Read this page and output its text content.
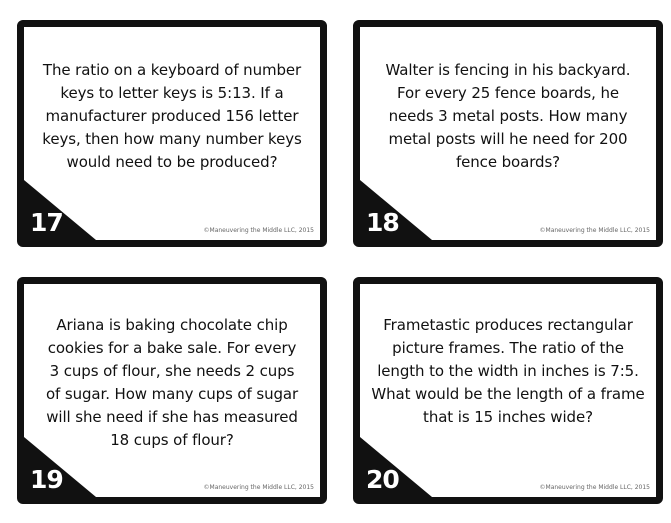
The ratio on a keyboard of number
keys to letter keys is 5:13. If a
manufacturer produced 156 letter
keys, then how many number keys
would need to be produced?
17	©Maneuvering the Middle LLC, 2015
Walter is fencing in his backyard.
For every 25 fence boards, he
needs 3 metal posts. How many
metal posts will he need for 200
fence boards?
18	©Maneuvering the Middle LLC, 2015
Ariana is baking chocolate chip
cookies for a bake sale. For every
3 cups of flour, she needs 2 cups
of sugar. How many cups of sugar
will she need if she has measured
18 cups of flour?
19	©Maneuvering the Middle LLC, 2015
Frametastic produces rectangular
picture frames. The ratio of the
length to the width in inches is 7:5.
What would be the length of a frame
that is 15 inches wide?
20	©Maneuvering the Middle LLC, 2015
